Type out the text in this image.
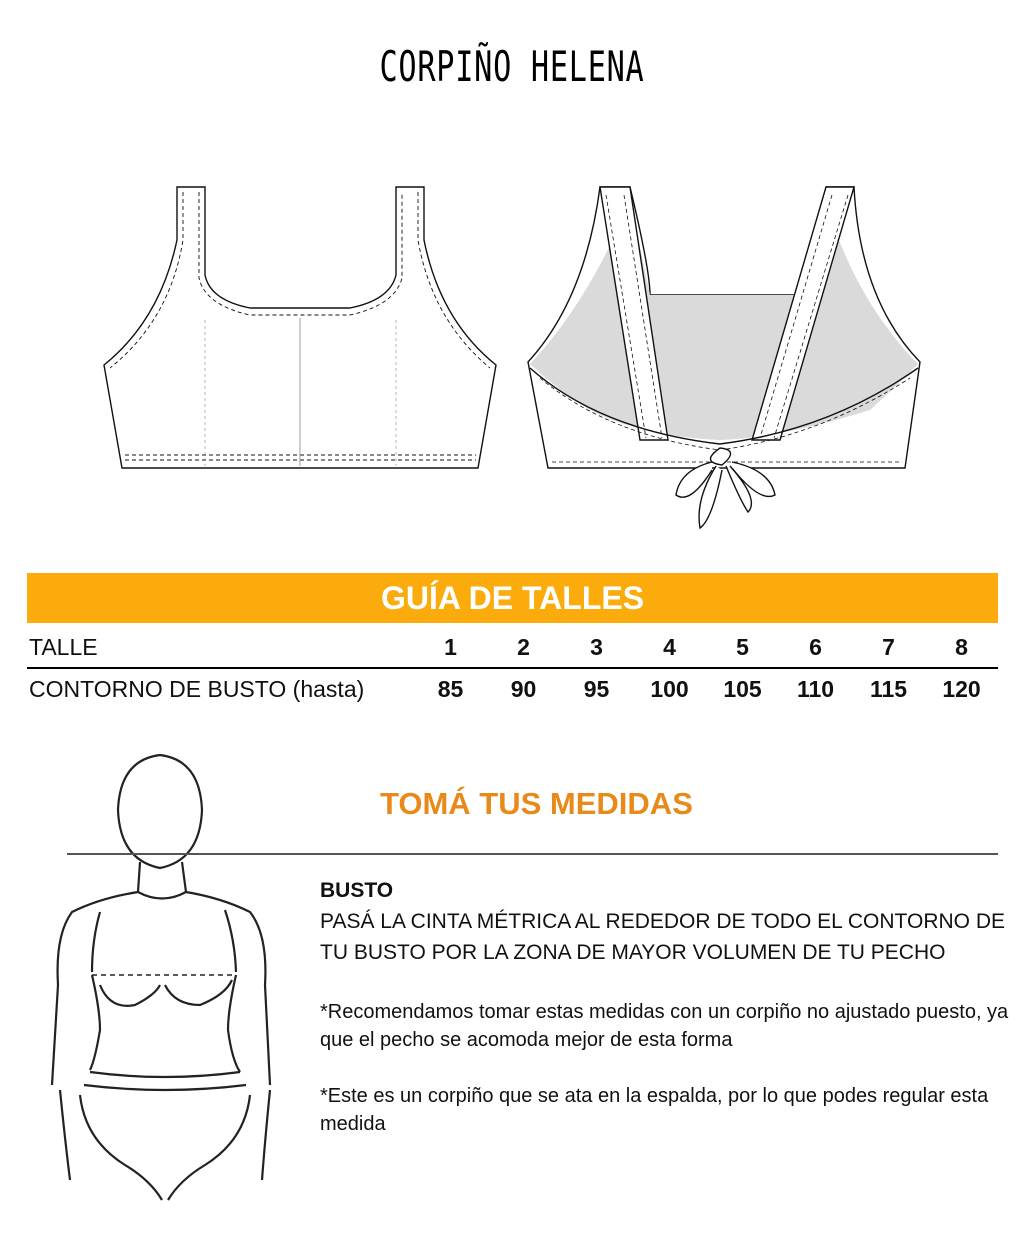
CORPIÑO HELENA
GUÍA DE TALLES
TALLE	1	2	3	4	5	6	7	8
CONTORNO DE BUSTO (hasta)	85	90	95	100	105	110	115	120
TOMÁ TUS MEDIDAS
BUSTO
PASÁ LA CINTA MÉTRICA AL REDEDOR DE TODO EL CONTORNO DE TU BUSTO POR LA ZONA DE MAYOR VOLUMEN DE TU PECHO
*Recomendamos tomar estas medidas con un corpiño no ajustado puesto, ya que el pecho se acomoda mejor de esta forma
*Este es un corpiño que se ata en la espalda, por lo que podes regular esta medida
